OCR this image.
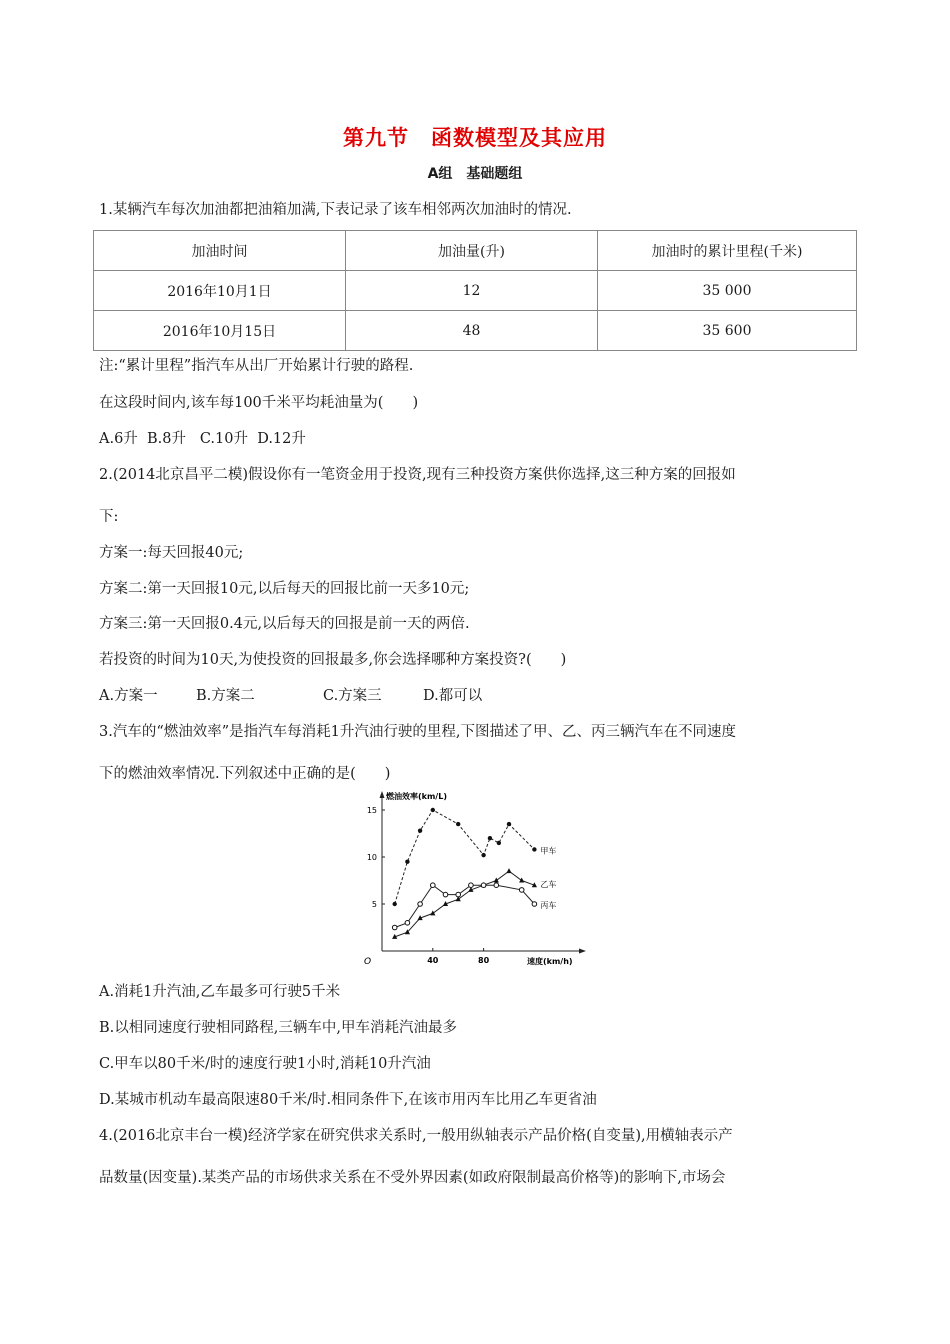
第九节　函数模型及其应用
A组　基础题组
1.某辆汽车每次加油都把油箱加满,下表记录了该车相邻两次加油时的情况.
加油时间	加油量(升)	加油时的累计里程(千米)
2016年10月1日	12	35 000
2016年10月15日	48	35 600
注:“累计里程”指汽车从出厂开始累计行驶的路程.
在这段时间内,该车每100千米平均耗油量为(　　)
A.6升 B.8升 C.10升 D.12升
2.(2014北京昌平二模)假设你有一笔资金用于投资,现有三种投资方案供你选择,这三种方案的回报如
下:
方案一:每天回报40元;
方案二:第一天回报10元,以后每天的回报比前一天多10元;
方案三:第一天回报0.4元,以后每天的回报是前一天的两倍.
若投资的时间为10天,为使投资的回报最多,你会选择哪种方案投资?(　　)
A.方案一	B.方案二	C.方案三	D.都可以
3.汽车的“燃油效率”是指汽车每消耗1升汽油行驶的里程,下图描述了甲、乙、丙三辆汽车在不同速度
下的燃油效率情况.下列叙述中正确的是(　　)
燃油效率(km/L)
速度(km/h)
O	40	80
5
10
15
甲车
乙车
丙车
A.消耗1升汽油,乙车最多可行驶5千米
B.以相同速度行驶相同路程,三辆车中,甲车消耗汽油最多
C.甲车以80千米/时的速度行驶1小时,消耗10升汽油
D.某城市机动车最高限速80千米/时.相同条件下,在该市用丙车比用乙车更省油
4.(2016北京丰台一模)经济学家在研究供求关系时,一般用纵轴表示产品价格(自变量),用横轴表示产
品数量(因变量).某类产品的市场供求关系在不受外界因素(如政府限制最高价格等)的影响下,市场会
